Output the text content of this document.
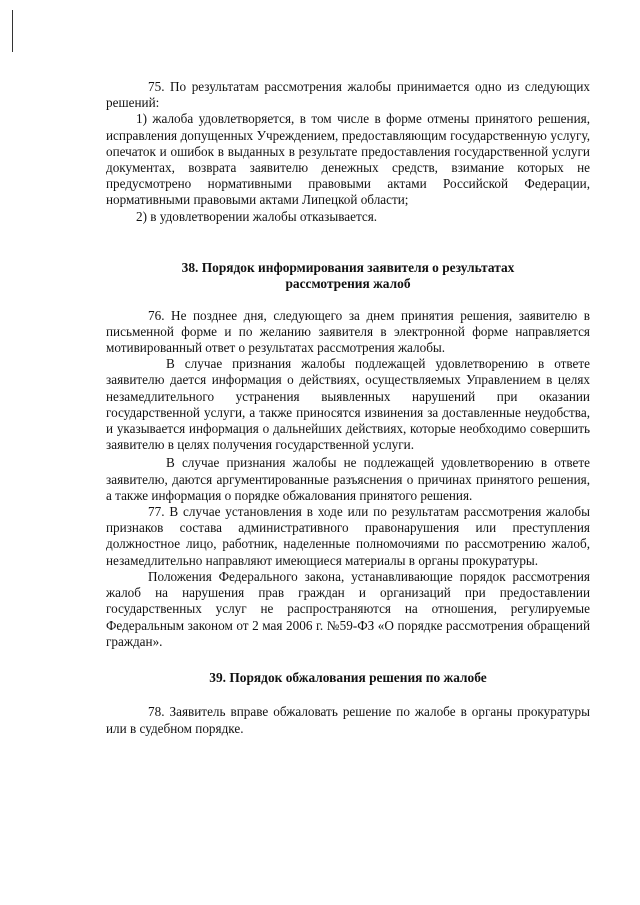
75. По результатам рассмотрения жалобы принимается одно из следующих решений:

1) жалоба удовлетворяется, в том числе в форме отмены принятого решения, исправления допущенных Учреждением, предоставляющим государственную услугу, опечаток и ошибок в выданных в результате предоставления государственной услуги документах, возврата заявителю денежных средств, взимание которых не предусмотрено нормативными правовыми актами Российской Федерации, нормативными правовыми актами Липецкой области;

2) в удовлетворении жалобы отказывается.

38. Порядок информирования заявителя о результатах рассмотрения жалоб

76. Не позднее дня, следующего за днем принятия решения, заявителю в письменной форме и по желанию заявителя в электронной форме направляется мотивированный ответ о результатах рассмотрения жалобы.

В случае признания жалобы подлежащей удовлетворению в ответе заявителю дается информация о действиях, осуществляемых Управлением в целях незамедлительного устранения выявленных нарушений при оказании государственной услуги, а также приносятся извинения за доставленные неудобства, и указывается информация о дальнейших действиях, которые необходимо совершить заявителю в целях получения государственной услуги.

В случае признания жалобы не подлежащей удовлетворению в ответе заявителю, даются аргументированные разъяснения о причинах принятого решения, а также информация о порядке обжалования принятого решения.

77. В случае установления в ходе или по результатам рассмотрения жалобы признаков состава административного правонарушения или преступления должностное лицо, работник, наделенные полномочиями по рассмотрению жалоб, незамедлительно направляют имеющиеся материалы в органы прокуратуры.

Положения Федерального закона, устанавливающие порядок рассмотрения жалоб на нарушения прав граждан и организаций при предоставлении государственных услуг не распространяются на отношения, регулируемые Федеральным законом от 2 мая 2006 г. №59-ФЗ «О порядке рассмотрения обращений граждан».

39. Порядок обжалования решения по жалобе

78. Заявитель вправе обжаловать решение по жалобе в органы прокуратуры или в судебном порядке.
